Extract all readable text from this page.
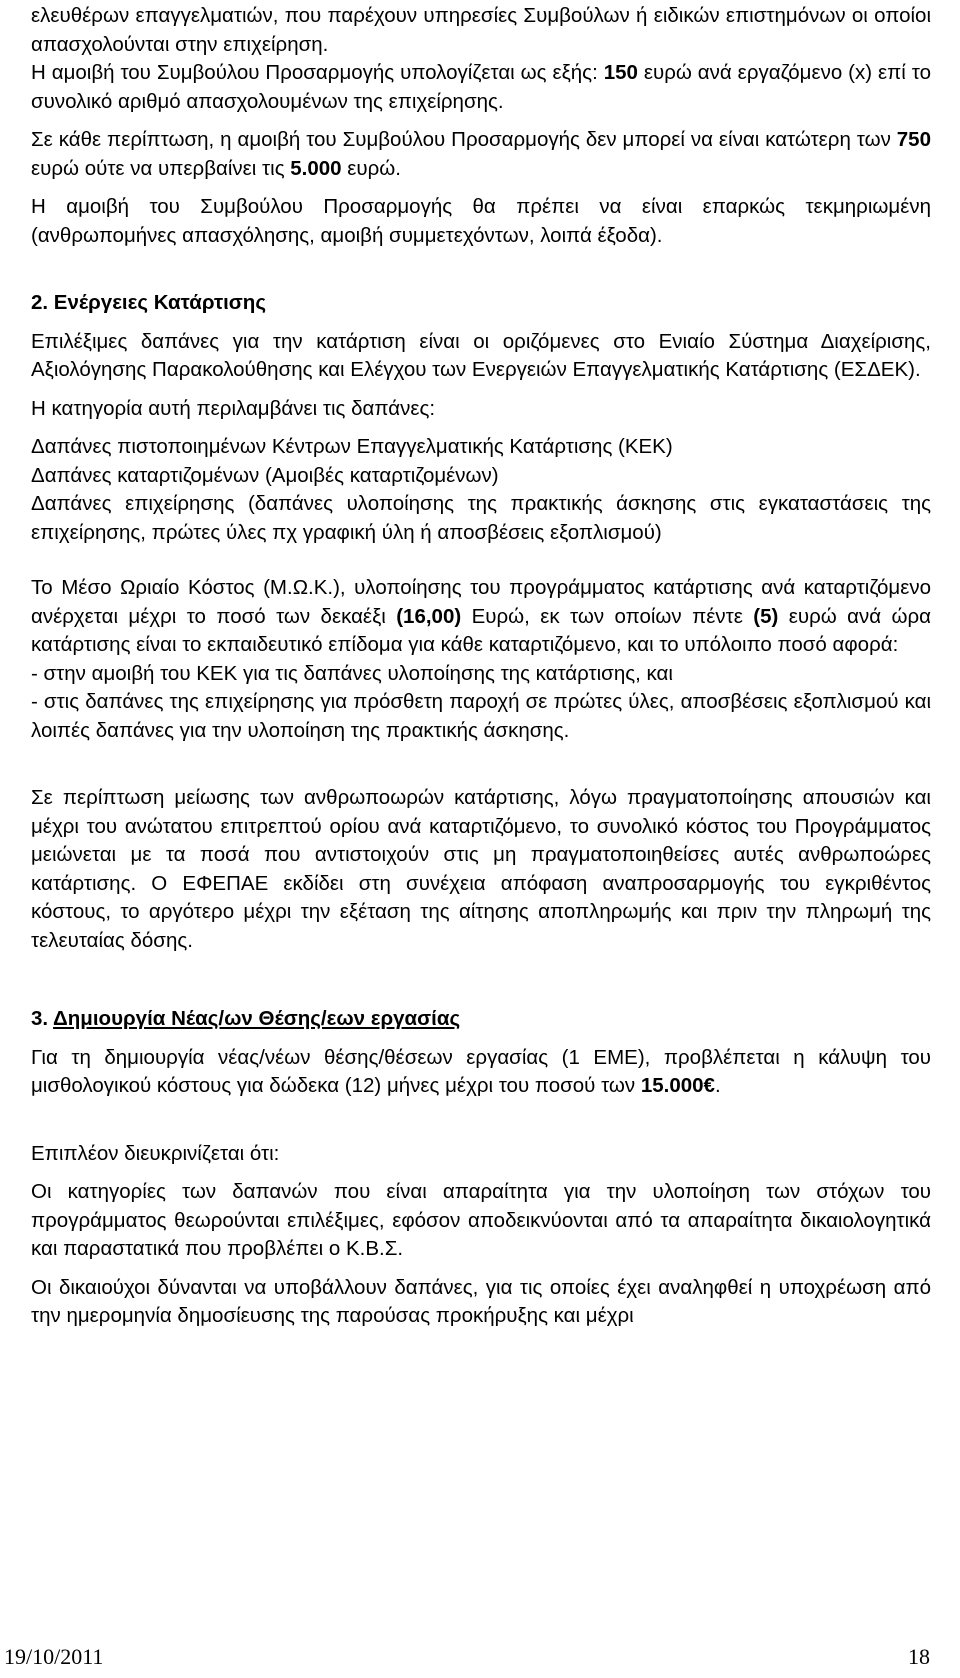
ελευθέρων επαγγελματιών, που παρέχουν υπηρεσίες Συμβούλων ή ειδικών επιστημόνων οι οποίοι απασχολούνται στην επιχείρηση.

Η αμοιβή του Συμβούλου Προσαρμογής υπολογίζεται ως εξής: 150 ευρώ ανά εργαζόμενο (x) επί το συνολικό αριθμό απασχολουμένων της επιχείρησης.

Σε κάθε περίπτωση, η αμοιβή του Συμβούλου Προσαρμογής δεν μπορεί να είναι κατώτερη των 750 ευρώ ούτε να υπερβαίνει τις 5.000 ευρώ.

Η αμοιβή του Συμβούλου Προσαρμογής θα πρέπει να είναι επαρκώς τεκμηριωμένη (ανθρωπομήνες απασχόλησης, αμοιβή συμμετεχόντων, λοιπά έξοδα).

2. Ενέργειες Κατάρτισης

Επιλέξιμες δαπάνες για την κατάρτιση είναι οι οριζόμενες στο Ενιαίο Σύστημα Διαχείρισης, Αξιολόγησης Παρακολούθησης και Ελέγχου των Ενεργειών Επαγγελματικής Κατάρτισης (ΕΣΔΕΚ).

Η κατηγορία αυτή περιλαμβάνει τις δαπάνες:

Δαπάνες πιστοποιημένων Κέντρων Επαγγελματικής Κατάρτισης (ΚΕΚ)

Δαπάνες καταρτιζομένων (Αμοιβές καταρτιζομένων)

Δαπάνες επιχείρησης (δαπάνες υλοποίησης της πρακτικής άσκησης στις εγκαταστάσεις της επιχείρησης, πρώτες ύλες πχ γραφική ύλη ή αποσβέσεις εξοπλισμού)

Το Μέσο Ωριαίο Κόστος (Μ.Ω.Κ.), υλοποίησης του προγράμματος κατάρτισης ανά καταρτιζόμενο ανέρχεται μέχρι το ποσό των δεκαέξι (16,00) Ευρώ, εκ των οποίων πέντε (5) ευρώ ανά ώρα κατάρτισης είναι το εκπαιδευτικό επίδομα για κάθε καταρτιζόμενο, και το υπόλοιπο ποσό αφορά:

- στην αμοιβή του ΚΕΚ για τις δαπάνες υλοποίησης της κατάρτισης, και

- στις δαπάνες της επιχείρησης για πρόσθετη παροχή σε πρώτες ύλες, αποσβέσεις εξοπλισμού και λοιπές δαπάνες για την υλοποίηση της πρακτικής άσκησης.

Σε περίπτωση μείωσης των ανθρωποωρών κατάρτισης, λόγω πραγματοποίησης απουσιών και μέχρι του ανώτατου επιτρεπτού ορίου ανά καταρτιζόμενο, το συνολικό κόστος του Προγράμματος μειώνεται με τα ποσά που αντιστοιχούν στις μη πραγματοποιηθείσες αυτές ανθρωποώρες κατάρτισης. Ο ΕΦΕΠΑΕ εκδίδει στη συνέχεια απόφαση αναπροσαρμογής του εγκριθέντος κόστους, το αργότερο μέχρι την εξέταση της αίτησης αποπληρωμής και πριν την πληρωμή της τελευταίας δόσης.

3. Δημιουργία Νέας/ων Θέσης/εων εργασίας

Για τη δημιουργία νέας/νέων θέσης/θέσεων εργασίας (1 ΕΜΕ), προβλέπεται η κάλυψη του μισθολογικού κόστους για δώδεκα (12) μήνες μέχρι του ποσού των 15.000€.

Επιπλέον διευκρινίζεται ότι:

Οι κατηγορίες των δαπανών που είναι απαραίτητα για την υλοποίηση των στόχων του προγράμματος θεωρούνται επιλέξιμες, εφόσον αποδεικνύονται από τα απαραίτητα δικαιολογητικά και παραστατικά που προβλέπει ο Κ.Β.Σ.

Οι δικαιούχοι δύνανται να υποβάλλουν δαπάνες, για τις οποίες έχει αναληφθεί η υποχρέωση από την ημερομηνία δημοσίευσης της παρούσας προκήρυξης και μέχρι

19/10/2011	18
